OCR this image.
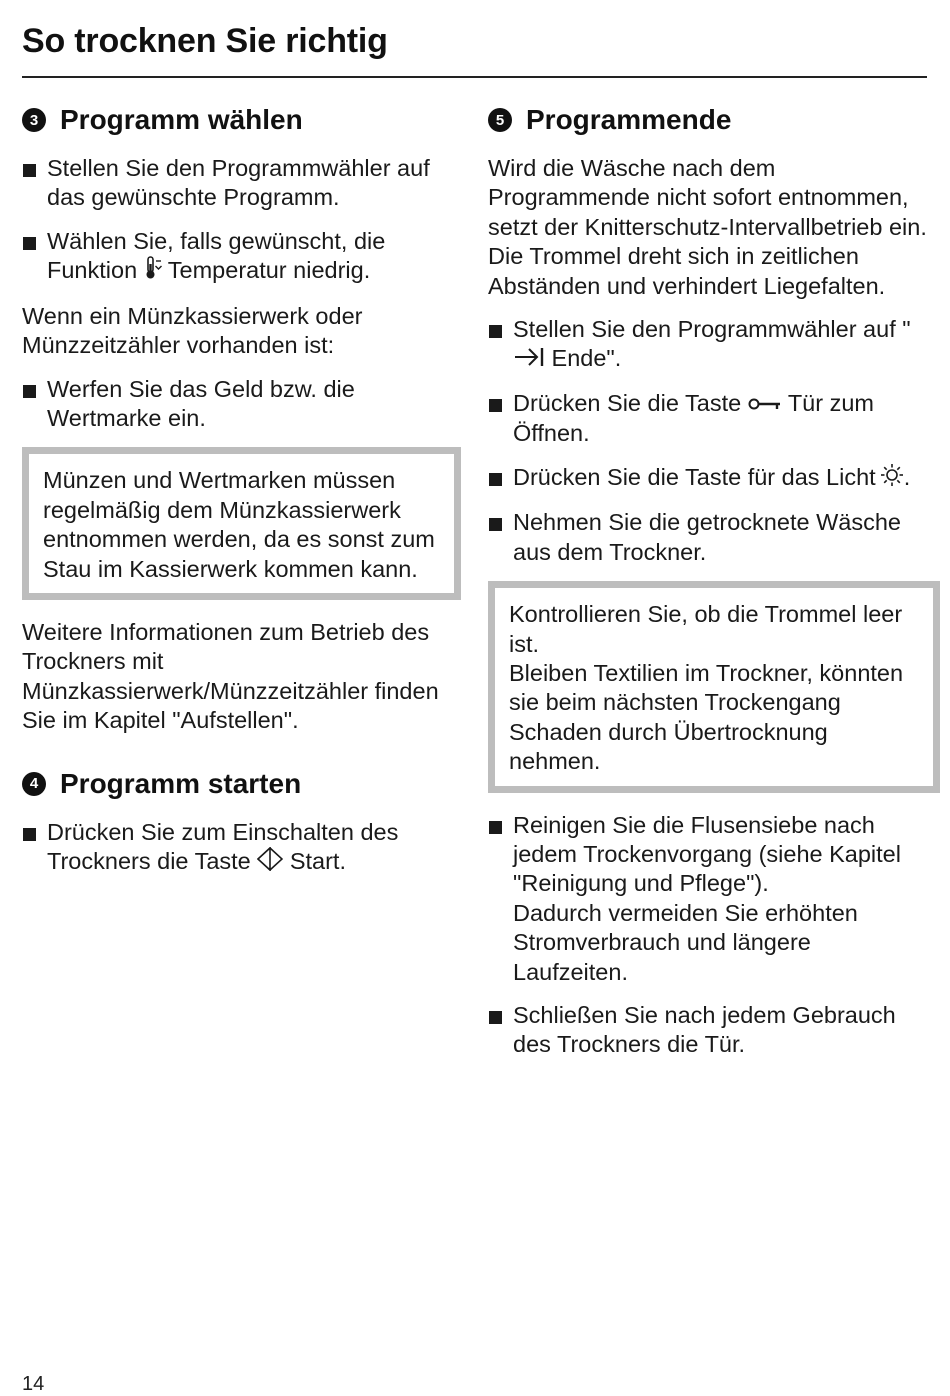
So trocknen Sie richtig
3 Programm wählen
Stellen Sie den Programmwähler auf das gewünschte Programm.
Wählen Sie, falls gewünscht, die Funktion Temperatur niedrig.

Wenn ein Münzkassierwerk oder Münzzeitzähler vorhanden ist:

Werfen Sie das Geld bzw. die Wertmarke ein.
Münzen und Wertmarken müssen regelmäßig dem Münzkassierwerk entnommen werden, da es sonst zum Stau im Kassierwerk kommen kann.

Weitere Informationen zum Betrieb des Trockners mit Münzkassierwerk/Münzzeitzähler finden Sie im Kapitel "Aufstellen".

4 Programm starten
Drücken Sie zum Einschalten des Trockners die Taste Start.
5 Programmende

Wird die Wäsche nach dem Programmende nicht sofort entnommen, setzt der Knitterschutz-Intervallbetrieb ein. Die Trommel dreht sich in zeitlichen Abständen und verhindert Liegefalten.

Stellen Sie den Programmwähler auf "  Ende".
Drücken Sie die Taste Tür zum Öffnen.
Drücken Sie die Taste für das Licht .
Nehmen Sie die getrocknete Wäsche aus dem Trockner.
Kontrollieren Sie, ob die Trommel leer ist.
Bleiben Textilien im Trockner, könnten sie beim nächsten Trockengang Schaden durch Übertrocknung nehmen.
Reinigen Sie die Flusensiebe nach jedem Trockenvorgang (siehe Kapitel "Reinigung und Pflege").
Dadurch vermeiden Sie erhöhten Stromverbrauch und längere Laufzeiten.
Schließen Sie nach jedem Gebrauch des Trockners die Tür.
14
